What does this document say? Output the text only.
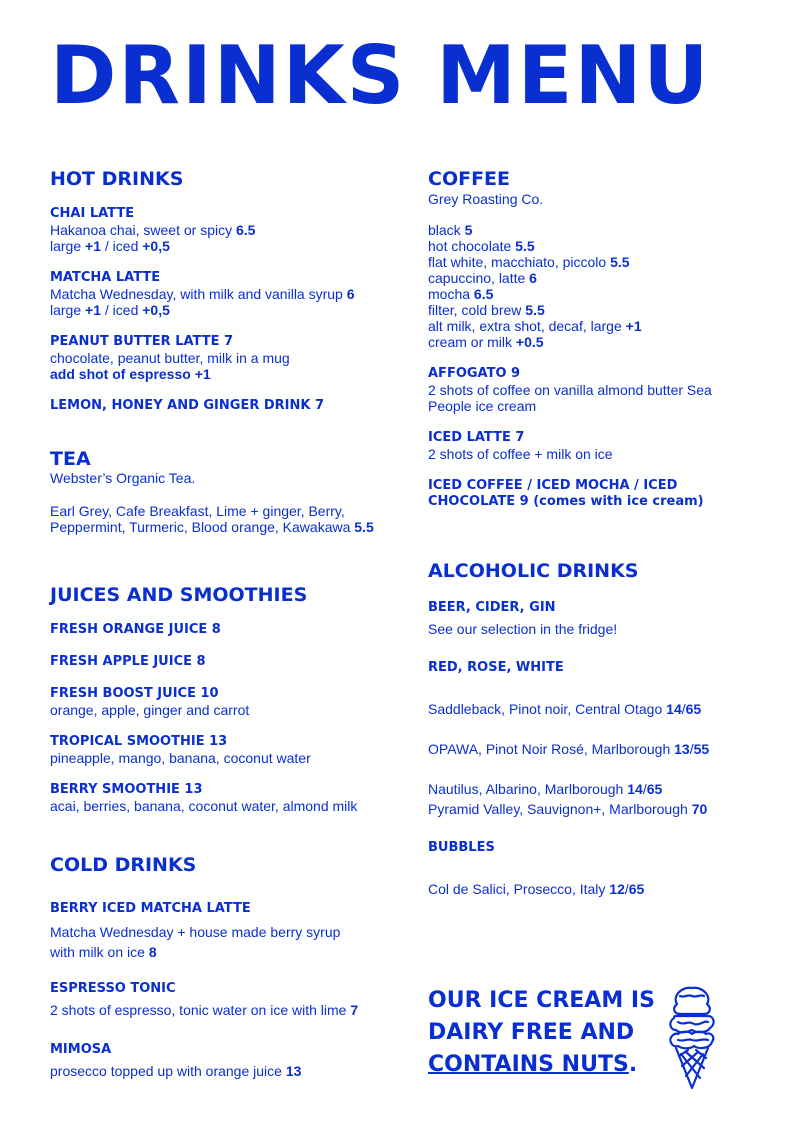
DRINKS MENU
HOT DRINKS
CHAI LATTE
Hakanoa chai, sweet or spicy 6.5
large +1 / iced +0,5
MATCHA LATTE
Matcha Wednesday, with milk and vanilla syrup 6
large +1 / iced +0,5
PEANUT BUTTER LATTE 7
chocolate, peanut butter, milk in a mug
add shot of espresso +1
LEMON, HONEY AND GINGER DRINK 7
TEA
Webster’s Organic Tea.
Earl Grey, Cafe Breakfast, Lime + ginger, Berry, Peppermint, Turmeric, Blood orange, Kawakawa 5.5
JUICES AND SMOOTHIES
FRESH ORANGE JUICE 8
FRESH APPLE JUICE 8
FRESH BOOST JUICE 10
orange, apple, ginger and carrot
TROPICAL SMOOTHIE 13
pineapple, mango, banana, coconut water
BERRY SMOOTHIE 13
acai, berries, banana, coconut water, almond milk
COLD DRINKS
BERRY ICED MATCHA LATTE
Matcha Wednesday + house made berry syrup
with milk on ice 8
ESPRESSO TONIC
2 shots of espresso, tonic water on ice with lime 7
MIMOSA
prosecco topped up with orange juice 13
COFFEE
Grey Roasting Co.
black 5
hot chocolate 5.5
flat white, macchiato, piccolo 5.5
capuccino, latte 6
mocha 6.5
filter, cold brew 5.5
alt milk, extra shot, decaf, large +1
cream or milk +0.5
AFFOGATO 9
2 shots of coffee on vanilla almond butter Sea People ice cream
ICED LATTE 7
2 shots of coffee + milk on ice
ICED COFFEE / ICED MOCHA / ICED CHOCOLATE 9 (comes with ice cream)
ALCOHOLIC DRINKS
BEER, CIDER, GIN
See our selection in the fridge!
RED, ROSE, WHITE
Saddleback, Pinot noir, Central Otago 14/65
OPAWA, Pinot Noir Rosé, Marlborough 13/55
Nautilus, Albarino, Marlborough 14/65
Pyramid Valley, Sauvignon+, Marlborough 70
BUBBLES
Col de Salici, Prosecco, Italy 12/65
OUR ICE CREAM IS
DAIRY FREE AND
CONTAINS NUTS.
